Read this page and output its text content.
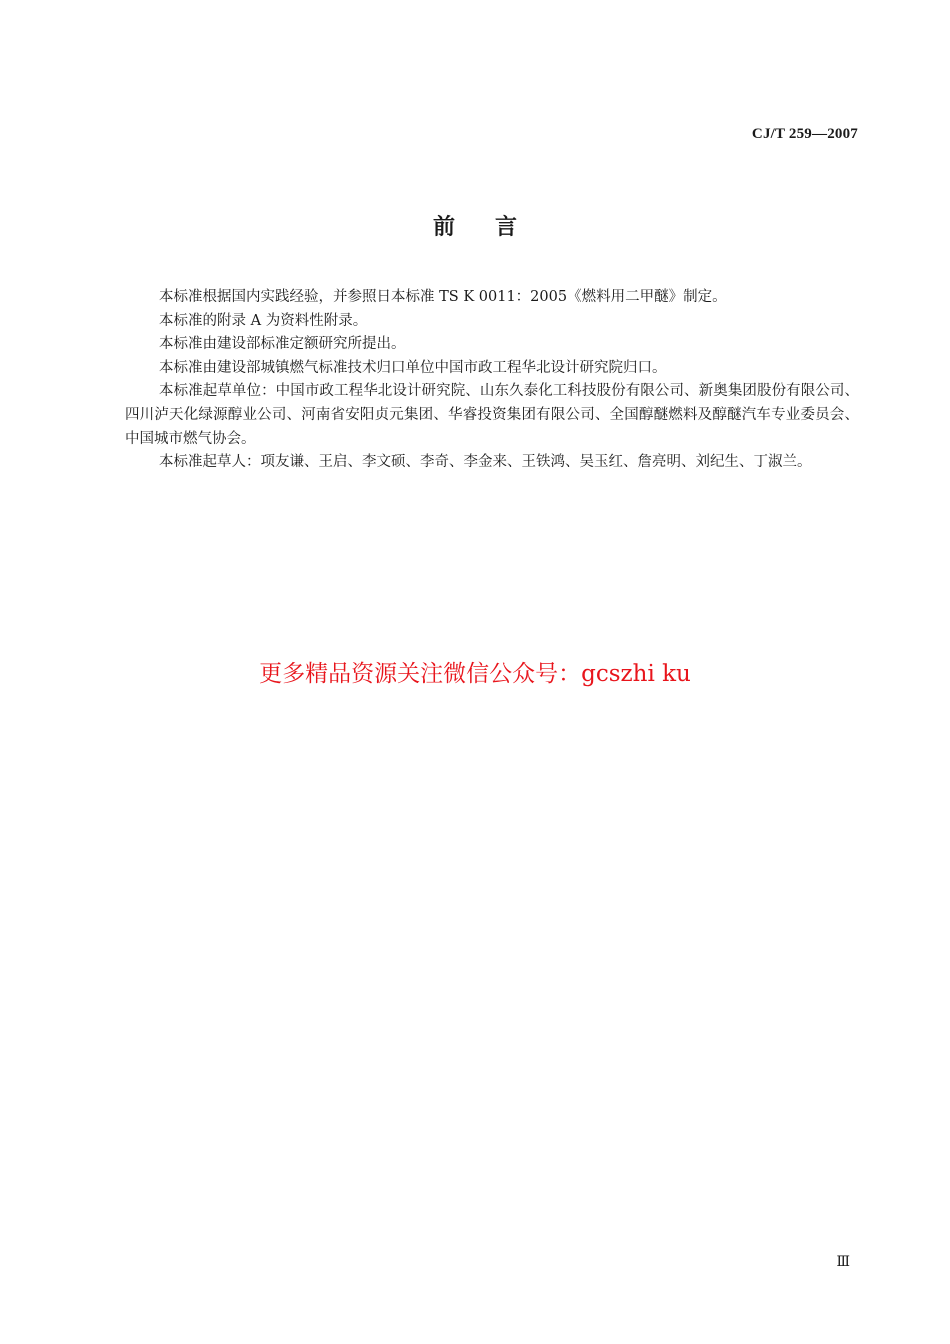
CJ/T 259—2007
前言

本标准根据国内实践经验，并参照日本标准 TS K 0011：2005《燃料用二甲醚》制定。

本标准的附录 A 为资料性附录。

本标准由建设部标准定额研究所提出。

本标准由建设部城镇燃气标准技术归口单位中国市政工程华北设计研究院归口。

本标准起草单位：中国市政工程华北设计研究院、山东久泰化工科技股份有限公司、新奥集团股份有限公司、四川泸天化绿源醇业公司、河南省安阳贞元集团、华睿投资集团有限公司、全国醇醚燃料及醇醚汽车专业委员会、中国城市燃气协会。

本标准起草人：项友谦、王启、李文硕、李奇、李金来、王铁鸿、吴玉红、詹亮明、刘纪生、丁淑兰。

更多精品资源关注微信公众号：gcszhi ku
Ⅲ
